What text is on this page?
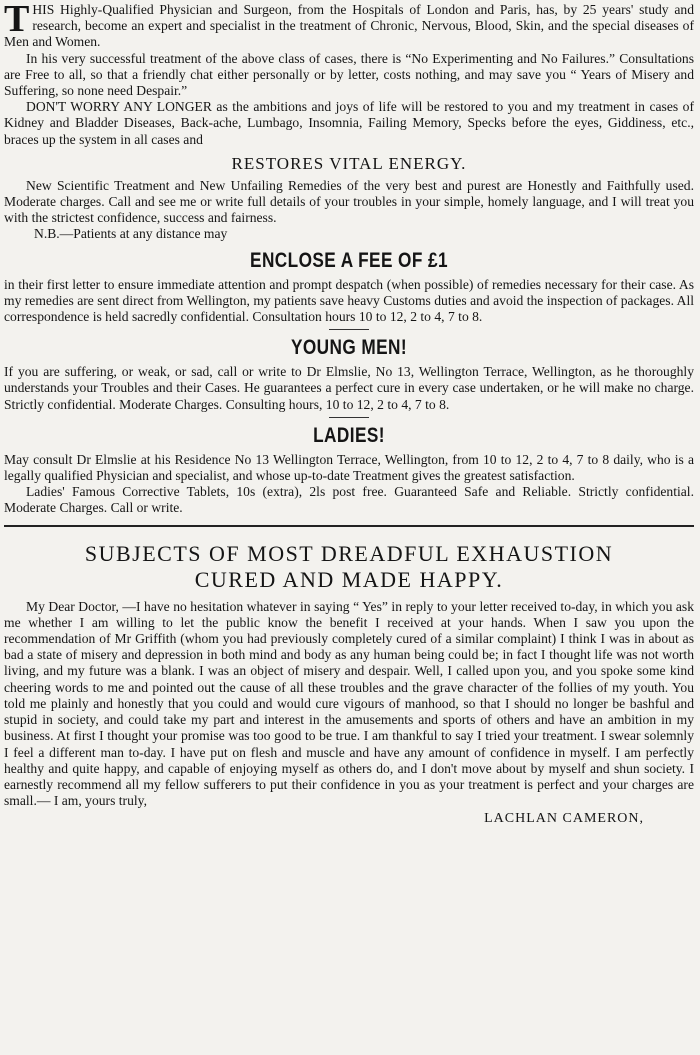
THIS Highly-Qualified Physician and Surgeon, from the Hospitals of London and Paris, has, by 25 years' study and research, become an expert and specialist in the treatment of Chronic, Nervous, Blood, Skin, and the special diseases of Men and Women.

In his very successful treatment of the above class of cases, there is “No Experimenting and No Failures.” Consultations are Free to all, so that a friendly chat either personally or by letter, costs nothing, and may save you “ Years of Misery and Suffering, so none need Despair.”

DON'T WORRY ANY LONGER as the ambitions and joys of life will be restored to you and my treatment in cases of Kidney and Bladder Diseases, Back-ache, Lumbago, Insomnia, Failing Memory, Specks before the eyes, Giddiness, etc., braces up the system in all cases and

RESTORES VITAL ENERGY.

New Scientific Treatment and New Unfailing Remedies of the very best and purest are Honestly and Faithfully used. Moderate charges. Call and see me or write full details of your troubles in your simple, homely language, and I will treat you with the strictest confidence, success and fairness.

N.B.—Patients at any distance may

ENCLOSE A FEE OF £1

in their first letter to ensure immediate attention and prompt despatch (when possible) of remedies necessary for their case. As my remedies are sent direct from Wellington, my patients save heavy Customs duties and avoid the inspection of packages. All correspondence is held sacredly confidential. Consultation hours 10 to 12, 2 to 4, 7 to 8.

YOUNG MEN!

If you are suffering, or weak, or sad, call or write to Dr Elmslie, No 13, Wellington Terrace, Wellington, as he thoroughly understands your Troubles and their Cases. He guarantees a perfect cure in every case undertaken, or he will make no charge. Strictly confidential. Moderate Charges. Consulting hours, 10 to 12, 2 to 4, 7 to 8.

LADIES!

May consult Dr Elmslie at his Residence No 13 Wellington Terrace, Wellington, from 10 to 12, 2 to 4, 7 to 8 daily, who is a legally qualified Physician and specialist, and whose up-to-date Treatment gives the greatest satisfaction.

Ladies' Famous Corrective Tablets, 10s (extra), 2ls post free. Guaranteed Safe and Reliable. Strictly confidential. Moderate Charges. Call or write.

SUBJECTS OF MOST DREADFUL EXHAUSTION
CURED AND MADE HAPPY.

My Dear Doctor, —I have no hesitation whatever in saying “ Yes” in reply to your letter received to-day, in which you ask me whether I am willing to let the public know the benefit I received at your hands. When I saw you upon the recommendation of Mr Griffith (whom you had previously completely cured of a similar complaint) I think I was in about as bad a state of misery and depression in both mind and body as any human being could be; in fact I thought life was not worth living, and my future was a blank. I was an object of misery and despair. Well, I called upon you, and you spoke some kind cheering words to me and pointed out the cause of all these troubles and the grave character of the follies of my youth. You told me plainly and honestly that you could and would cure vigours of manhood, so that I should no longer be bashful and stupid in society, and could take my part and interest in the amusements and sports of others and have an ambition in my business. At first I thought your promise was too good to be true. I am thankful to say I tried your treatment. I swear solemnly I feel a different man to-day. I have put on flesh and muscle and have any amount of confidence in myself. I am perfectly healthy and quite happy, and capable of enjoying myself as others do, and I don't move about by myself and shun society. I earnestly recommend all my fellow sufferers to put their confidence in you as your treatment is perfect and your charges are small.— I am, yours truly,

LACHLAN CAMERON,
